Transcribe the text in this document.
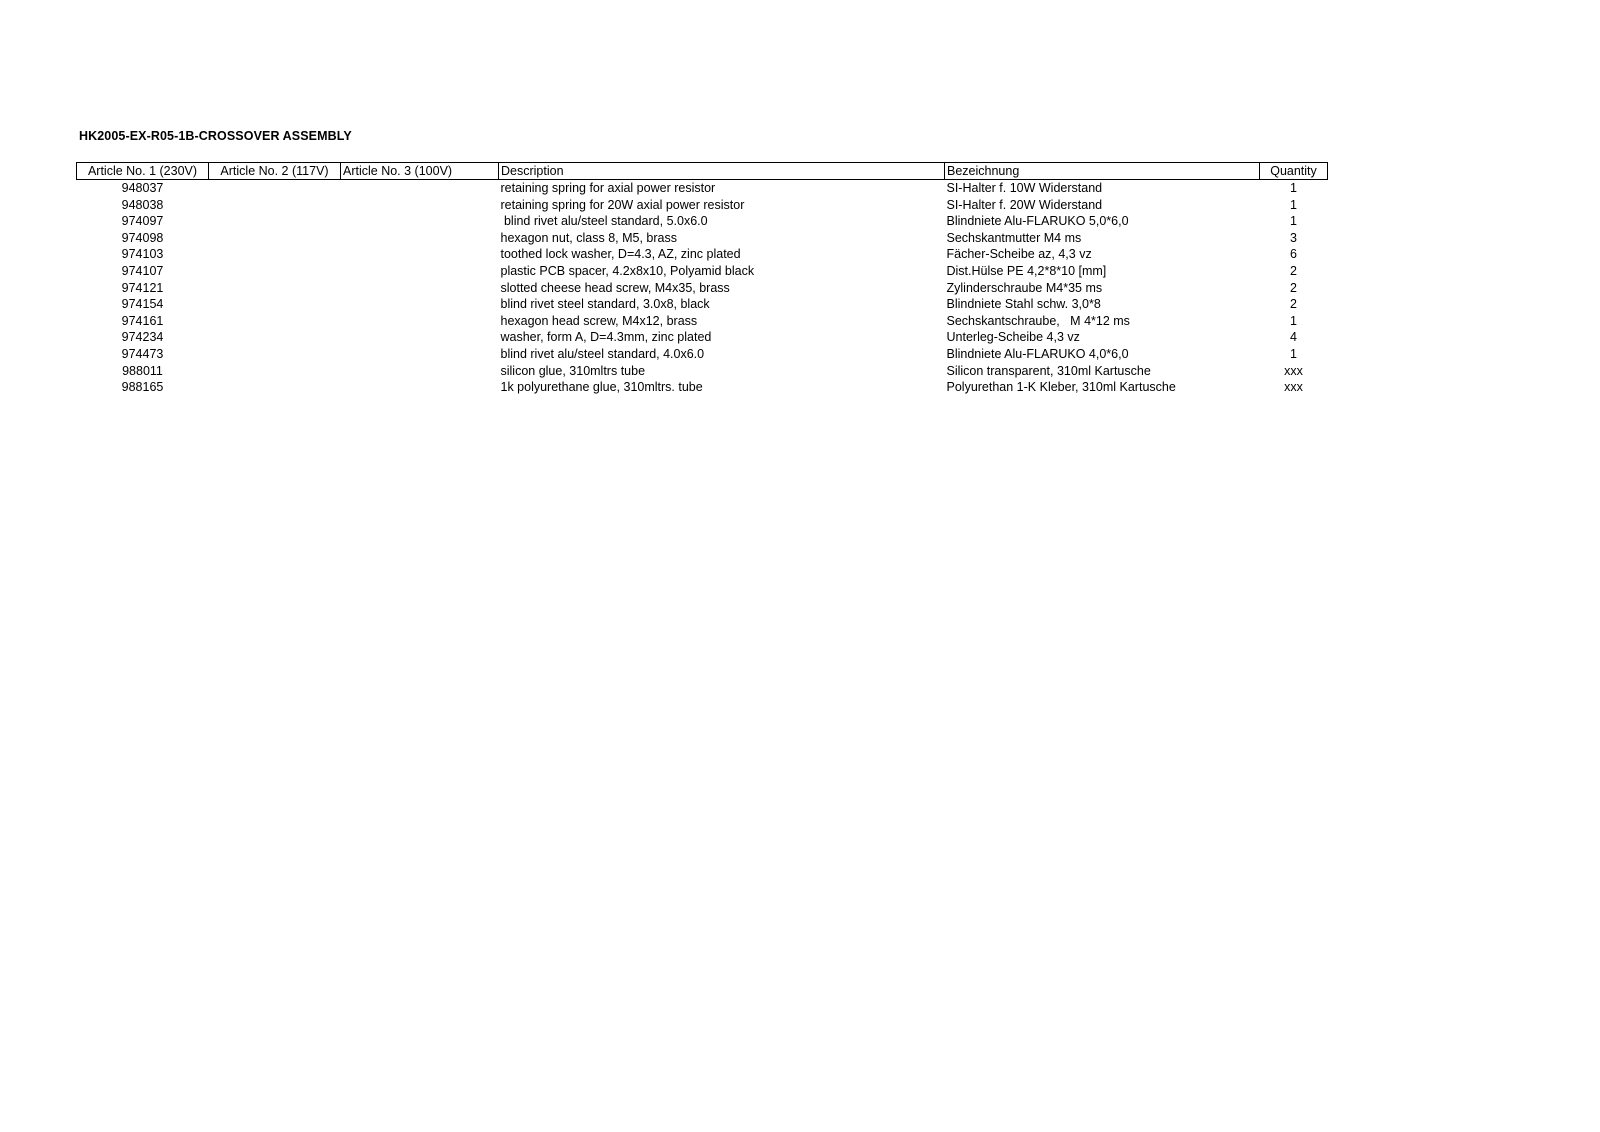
HK2005-EX-R05-1B-CROSSOVER ASSEMBLY
Article No. 1 (230V)	Article No. 2 (117V)	Article No. 3 (100V)	Description	Bezeichnung	Quantity
948037			retaining spring for axial power resistor	SI-Halter f. 10W Widerstand	1
948038			retaining spring for 20W axial power resistor	SI-Halter f. 20W Widerstand	1
974097			blind rivet alu/steel standard, 5.0x6.0	Blindniete Alu-FLARUKO 5,0*6,0	1
974098			hexagon nut, class 8, M5, brass	Sechskantmutter M4 ms	3
974103			toothed lock washer, D=4.3, AZ, zinc plated	Fächer-Scheibe az, 4,3 vz	6
974107			plastic PCB spacer, 4.2x8x10, Polyamid black	Dist.Hülse PE 4,2*8*10 [mm]	2
974121			slotted cheese head screw, M4x35, brass	Zylinderschraube M4*35 ms	2
974154			blind rivet steel standard, 3.0x8, black	Blindniete Stahl schw. 3,0*8	2
974161			hexagon head screw, M4x12, brass	Sechskantschraube,   M 4*12 ms	1
974234			washer, form A, D=4.3mm, zinc plated	Unterleg-Scheibe 4,3 vz	4
974473			blind rivet alu/steel standard, 4.0x6.0	Blindniete Alu-FLARUKO 4,0*6,0	1
988011			silicon glue, 310mltrs tube	Silicon transparent, 310ml Kartusche	xxx
988165			1k polyurethane glue, 310mltrs. tube	Polyurethan 1-K Kleber, 310ml Kartusche	xxx
